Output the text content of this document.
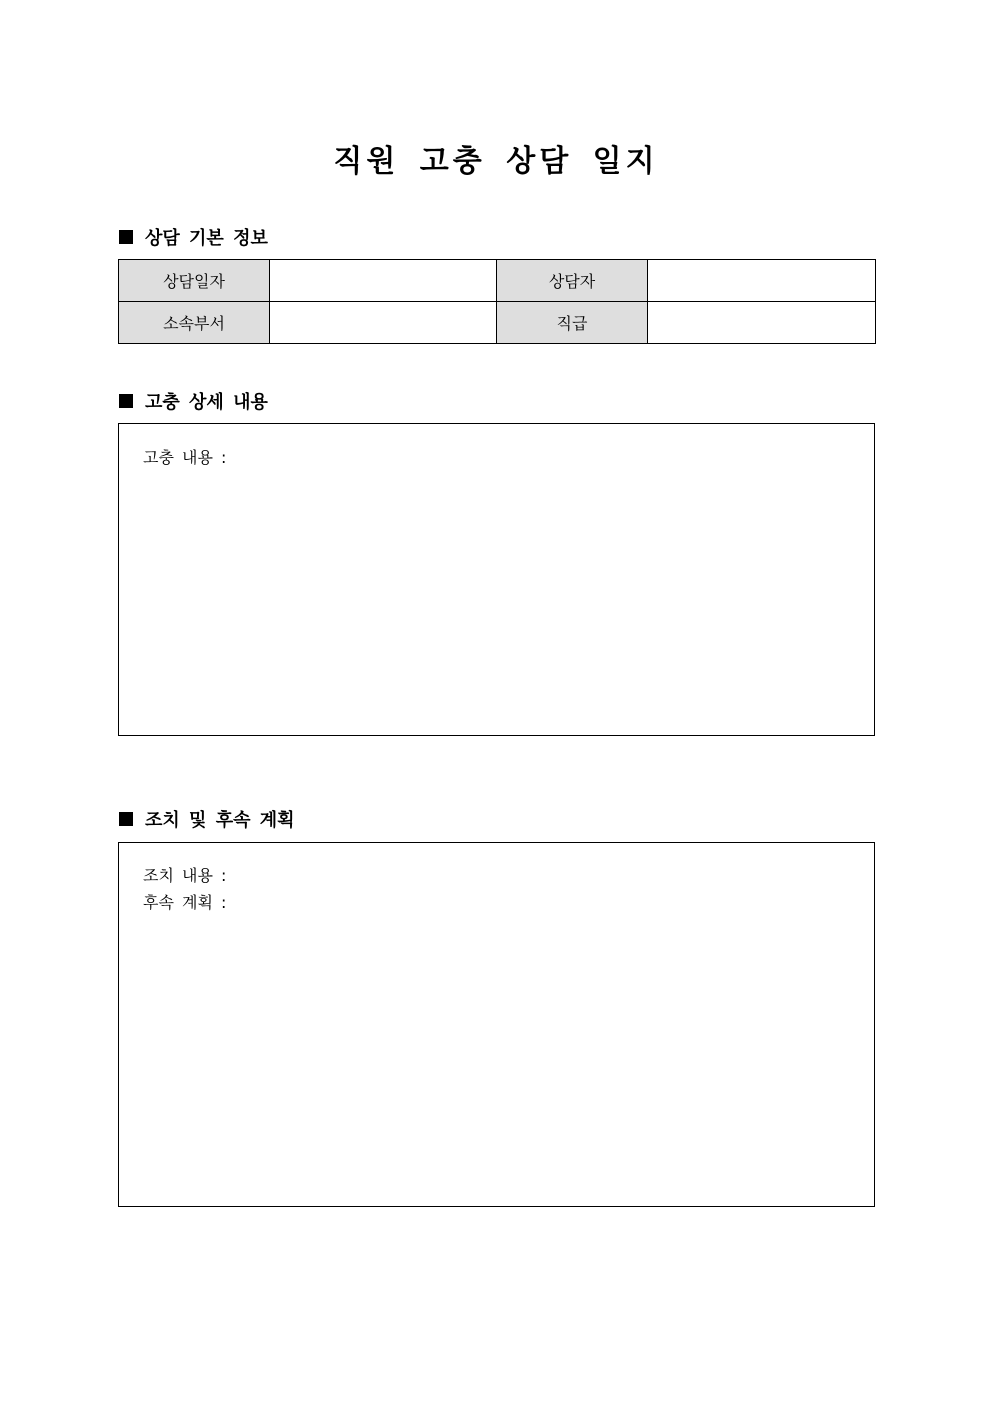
직원 고충 상담 일지
상담 기본 정보
상담일자		상담자	
소속부서		직급	
고충 상세 내용
고충 내용 :
조치 및 후속 계획
조치 내용 :
후속 계획 :
